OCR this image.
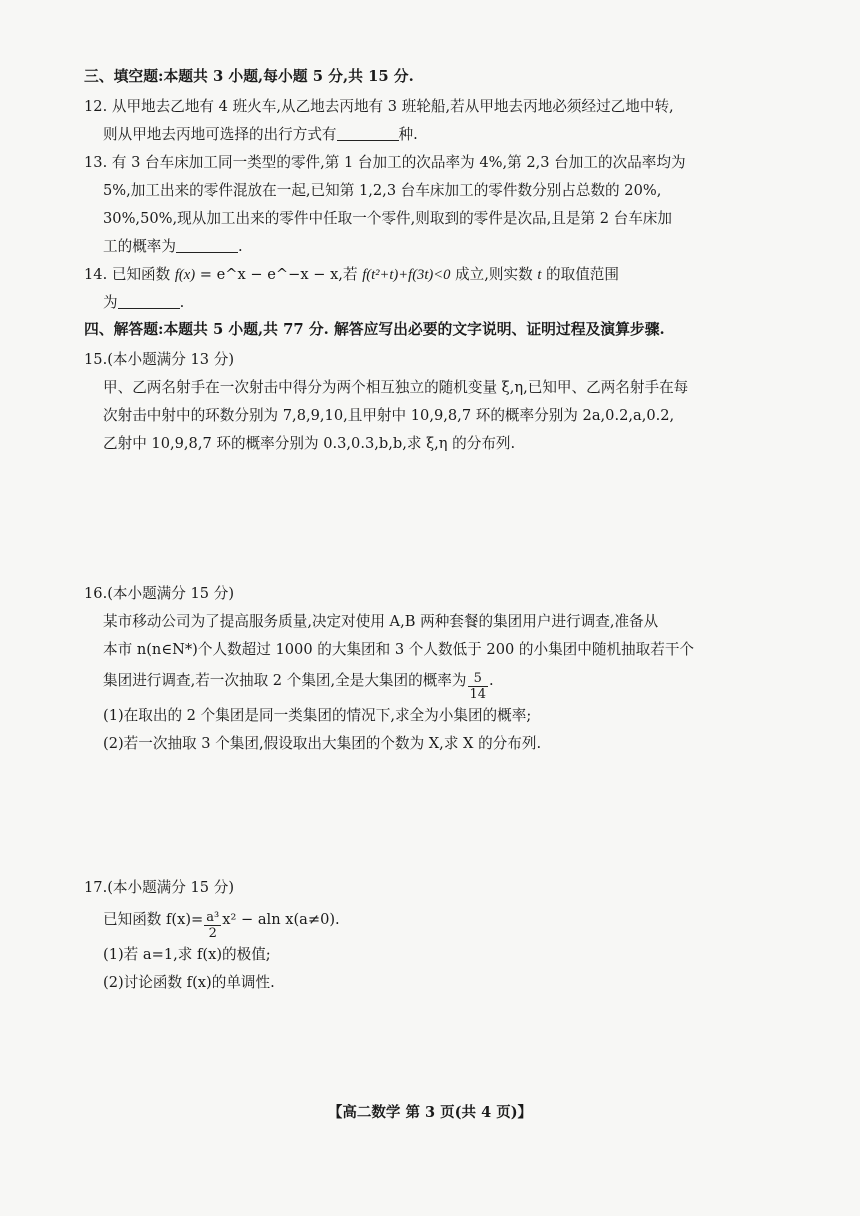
三、填空题:本题共 3 小题,每小题 5 分,共 15 分.

12. 从甲地去乙地有 4 班火车,从乙地去丙地有 3 班轮船,若从甲地去丙地必须经过乙地中转,

则从甲地去丙地可选择的出行方式有	种.

13. 有 3 台车床加工同一类型的零件,第 1 台加工的次品率为 4%,第 2,3 台加工的次品率均为

5%,加工出来的零件混放在一起,已知第 1,2,3 台车床加工的零件数分别占总数的 20%,

30%,50%,现从加工出来的零件中任取一个零件,则取到的零件是次品,且是第 2 台车床加

工的概率为	.

14. 已知函数 f(x) = e^x − e^−x − x,若 f(t²+t)+f(3t)<0 成立,则实数 t 的取值范围

为	.

四、解答题:本题共 5 小题,共 77 分. 解答应写出必要的文字说明、证明过程及演算步骤.

15.(本小题满分 13 分)

甲、乙两名射手在一次射击中得分为两个相互独立的随机变量 ξ,η,已知甲、乙两名射手在每

次射击中射中的环数分别为 7,8,9,10,且甲射中 10,9,8,7 环的概率分别为 2a,0.2,a,0.2,

乙射中 10,9,8,7 环的概率分别为 0.3,0.3,b,b,求 ξ,η 的分布列.

16.(本小题满分 15 分)

某市移动公司为了提高服务质量,决定对使用 A,B 两种套餐的集团用户进行调查,准备从

本市 n(n∈N*)个人数超过 1000 的大集团和 3 个人数低于 200 的小集团中随机抽取若干个

集团进行调查,若一次抽取 2 个集团,全是大集团的概率为 $\frac{5}{14}$ .

(1)在取出的 2 个集团是同一类集团的情况下,求全为小集团的概率;

(2)若一次抽取 3 个集团,假设取出大集团的个数为 X,求 X 的分布列.

17.(本小题满分 15 分)

已知函数 $f(x)= \frac{\text{a³}}{2} x^2 - aln$ x(a≠0).

(1)若 a=1,求 f(x)的极值;

(2)讨论函数 f(x)的单调性.

【高二数学 第 3 页(共 4 页)】
